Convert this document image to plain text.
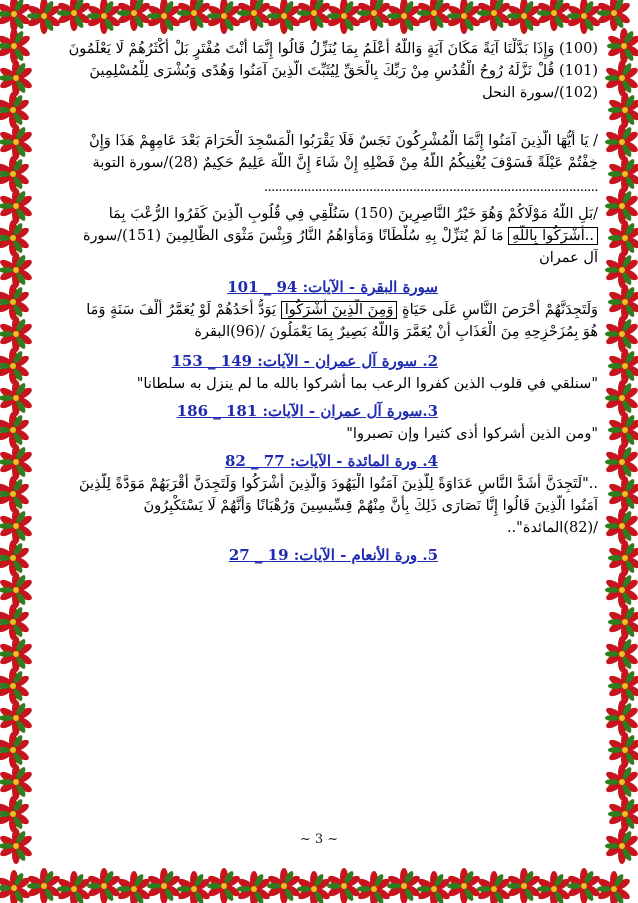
(100) وَإِذَا بَدَّلْنَا آيَةً مَكَانَ آيَةٍ وَاللَّهُ أَعْلَمُ بِمَا يُنَزِّلُ قَالُوا إِنَّمَا أَنْتَ مُفْتَرٍ بَلْ أَكْثَرُهُمْ لَا يَعْلَمُونَ
(101) قُلْ نَزَّلَهُ رُوحُ الْقُدُسِ مِنْ رَبِّكَ بِالْحَقِّ لِيُثَبِّتَ الَّذِينَ آمَنُوا وَهُدًى وَبُشْرَى لِلْمُسْلِمِينَ
(102)/سورة النحل
/ يَا أَيُّهَا الَّذِينَ آمَنُوا إِنَّمَا الْمُشْرِكُونَ نَجَسٌ فَلَا يَقْرَبُوا الْمَسْجِدَ الْحَرَامَ بَعْدَ عَامِهِمْ هَذَا وَإِنْ
خِفْتُمْ عَيْلَةً فَسَوْفَ يُغْنِيكُمُ اللَّهُ مِنْ فَضْلِهِ إِنْ شَاءَ إِنَّ اللَّهَ عَلِيمٌ حَكِيمٌ (28)/سورة التوبة
............................................................................................
/بَلِ اللَّهُ مَوْلَاكُمْ وَهُوَ خَيْرُ النَّاصِرِينَ (150) سَنُلْقِي فِي قُلُوبِ الَّذِينَ كَفَرُوا الرُّعْبَ بِمَا
..أَشْرَكُوا بِاللَّهِ مَا لَمْ يُنَزِّلْ بِهِ سُلْطَانًا وَمَأْوَاهُمُ النَّارُ وَبِئْسَ مَثْوَى الظَّالِمِينَ (151)/سورة
آل عمران
سورة البقرة - الآيات: 94 _ 101
وَلَتَجِدَنَّهُمْ أَحْرَصَ النَّاسِ عَلَى حَيَاةٍ وَمِنَ الَّذِينَ أَشْرَكُوا يَوَدُّ أَحَدُهُمْ لَوْ يُعَمَّرُ أَلْفَ سَنَةٍ وَمَا
هُوَ بِمُزَحْزِحِهِ مِنَ الْعَذَابِ أَنْ يُعَمَّرَ وَاللَّهُ بَصِيرٌ بِمَا يَعْمَلُونَ /(96)البقرة
2. سورة آل عمران - الآيات: 149 _ 153
"سنلقي في قلوب الذين كفروا الرعب بما أشركوا بالله ما لم ينزل به سلطانا"
3.سورة آل عمران - الآيات: 181 _ 186
"ومن الذين أشركوا أذى كثيرا وإن تصبروا"
4. ورة المائدة - الآيات: 77 _ 82
.."لَتَجِدَنَّ أَشَدَّ النَّاسِ عَدَاوَةً لِلَّذِينَ آمَنُوا الْيَهُودَ وَالَّذِينَ أَشْرَكُوا وَلَتَجِدَنَّ أَقْرَبَهُمْ مَوَدَّةً لِلَّذِينَ
آمَنُوا الَّذِينَ قَالُوا إِنَّا نَصَارَى ذَلِكَ بِأَنَّ مِنْهُمْ قِسِّيسِينَ وَرُهْبَانًا وَأَنَّهُمْ لَا يَسْتَكْبِرُونَ
/(82)المائدة"..
5. ورة الأنعام - الآيات: 19 _ 27
~ 3 ~
